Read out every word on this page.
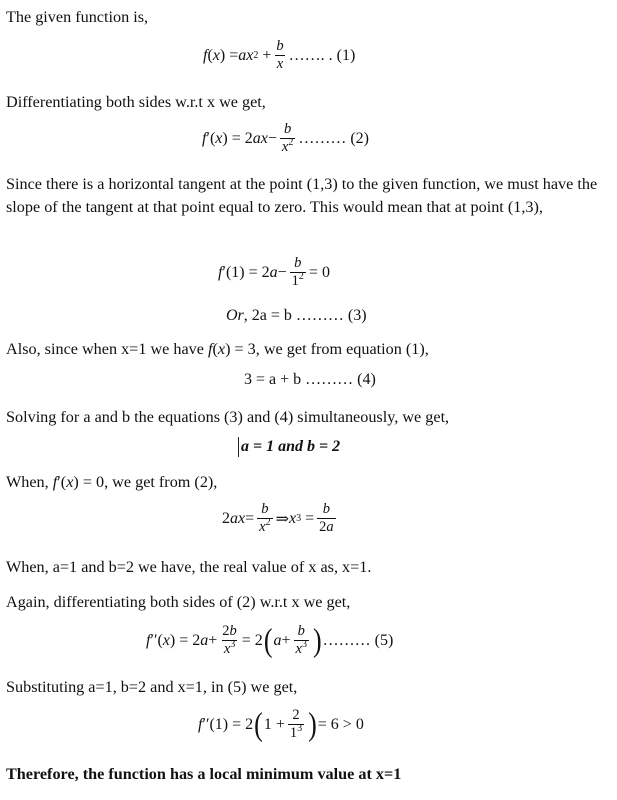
The given function is,
f ( x ) = ax $2 + \frac{b}{x}$ ……. . (1)
Differentiating both sides w.r.t x we get,
f ′( x ) = 2 ax − $\frac{b}{x^2}$ ……… (2)
Since there is a horizontal tangent at the point (1,3) to the given function, we must have the slope of the tangent at that point equal to zero. This would mean that at point (1,3),
f ′(1) = 2 $a - \frac{b}{1^2} = 0$
Or , 2a = b ……… (3)
Also, since when x=1 we have f(x) = 3, we get from equation (1),
3 = a + b ……… (4)
Solving for a and b the equations (3) and (4) simultaneously, we get,
a = 1 and b = 2
When, f′(x) = 0, we get from (2),
2 ax = $\frac{b}{x^2}$ ⇒ x $3 = \frac{b}{2a}$
When, a=1 and b=2 we have, the real value of x as, x=1.
Again, differentiating both sides of (2) w.r.t x we get,
f ′′( x ) = 2 $a + \frac{2b}{x^3} = 2$ ( $a + \frac{b}{x^3}$ ) ……… (5)
Substituting a=1, b=2 and x=1, in (5) we get,
f ′′(1) = 2 ( $1 + \frac{2}{1^3}$ ) = 6 > 0
Therefore, the function has a local minimum value at x=1
